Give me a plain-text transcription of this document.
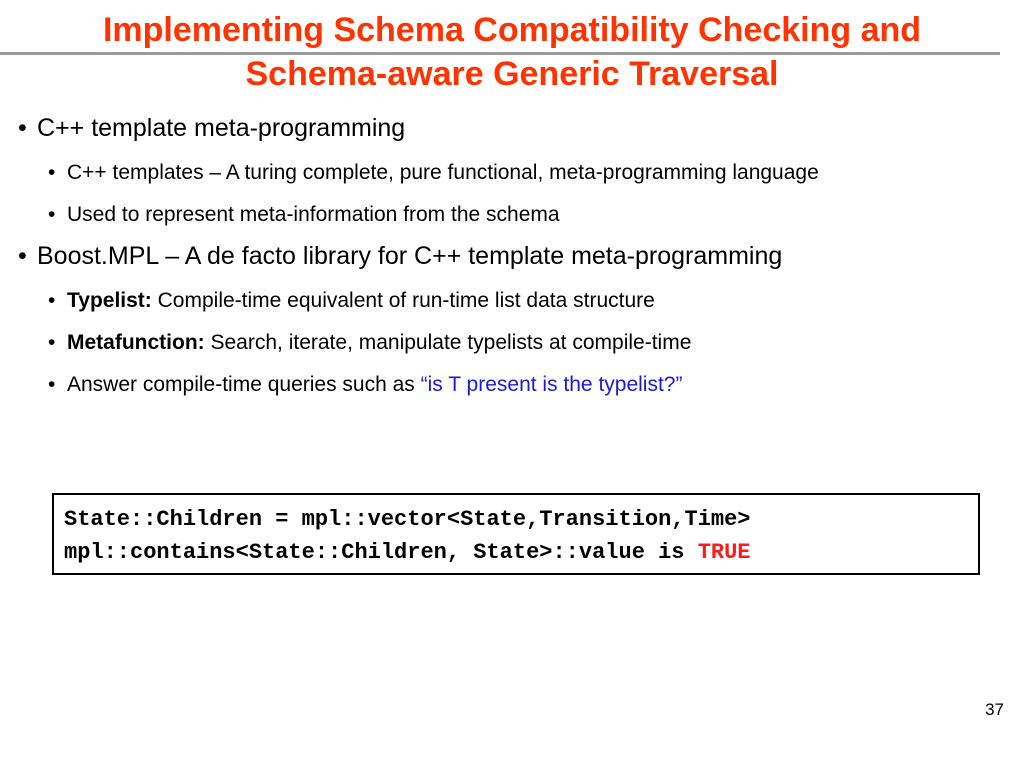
Implementing Schema Compatibility Checking and
Schema-aware Generic Traversal
• C++ template meta-programming
• C++ templates – A turing complete, pure functional, meta-programming language
• Used to represent meta-information from the schema
• Boost.MPL – A de facto library for C++ template meta-programming
• Typelist: Compile-time equivalent of run-time list data structure
• Metafunction: Search, iterate, manipulate typelists at compile-time
• Answer compile-time queries such as “is T present is the typelist?”
State::Children = mpl::vector<State,Transition,Time>
mpl::contains<State::Children, State>::value is TRUE
37
